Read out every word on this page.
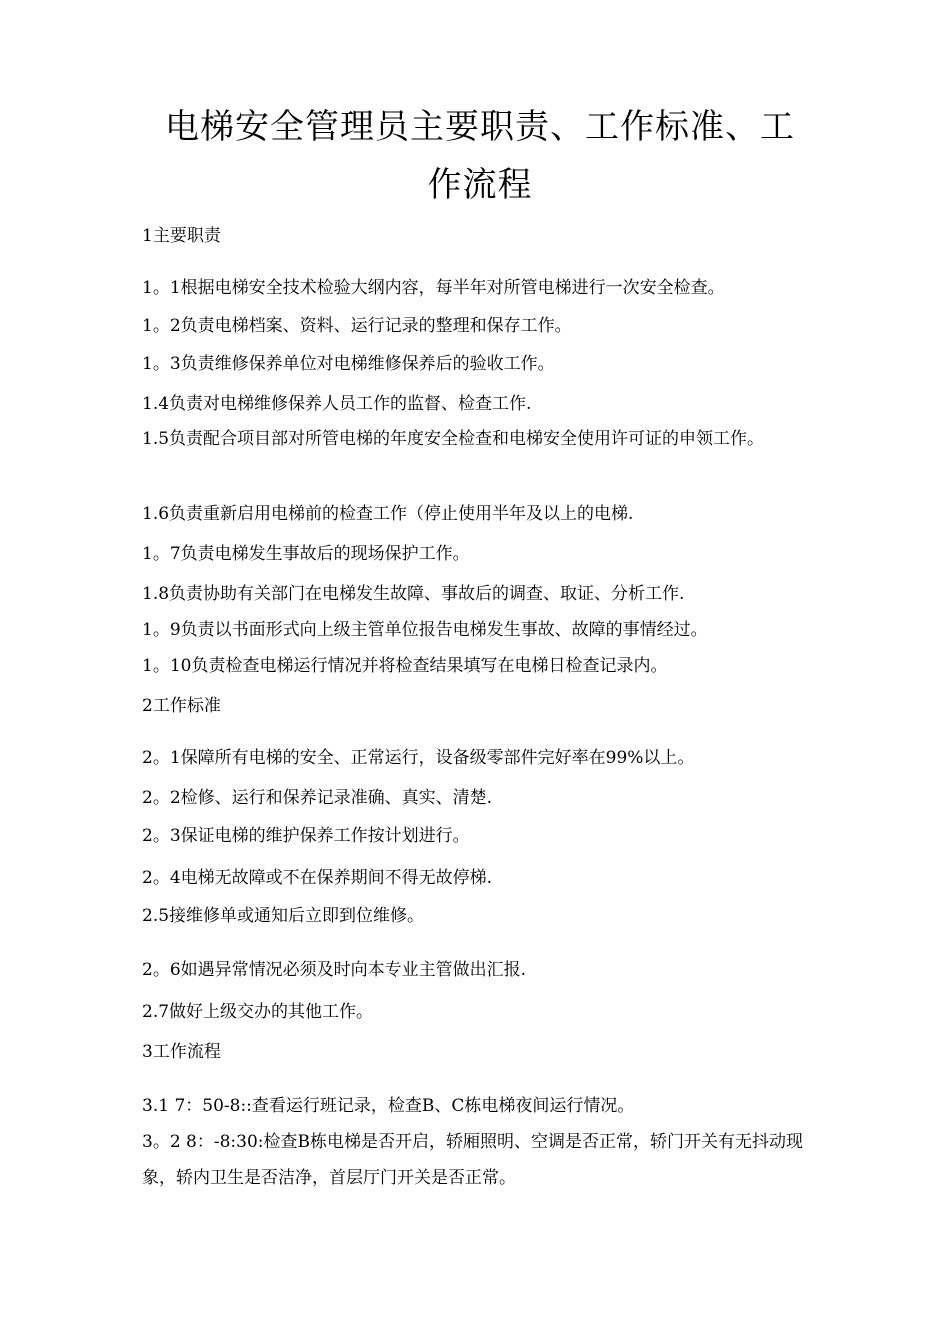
电梯安全管理员主要职责、工作标准、工作流程

1主要职责

1。1根据电梯安全技术检验大纲内容，每半年对所管电梯进行一次安全检查。

1。2负责电梯档案、资料、运行记录的整理和保存工作。

1。3负责维修保养单位对电梯维修保养后的验收工作。

1.4负责对电梯维修保养人员工作的监督、检查工作.

1.5负责配合项目部对所管电梯的年度安全检查和电梯安全使用许可证的申领工作。

1.6负责重新启用电梯前的检查工作（停止使用半年及以上的电梯.

1。7负责电梯发生事故后的现场保护工作。

1.8负责协助有关部门在电梯发生故障、事故后的调查、取证、分析工作.

1。9负责以书面形式向上级主管单位报告电梯发生事故、故障的事情经过。

1。10负责检查电梯运行情况并将检查结果填写在电梯日检查记录内。

2工作标准

2。1保障所有电梯的安全、正常运行，设备级零部件完好率在99%以上。

2。2检修、运行和保养记录准确、真实、清楚.

2。3保证电梯的维护保养工作按计划进行。

2。4电梯无故障或不在保养期间不得无故停梯.

2.5接维修单或通知后立即到位维修。

2。6如遇异常情况必须及时向本专业主管做出汇报.

2.7做好上级交办的其他工作。

3工作流程

3.1 7：50-8::查看运行班记录，检查B、C栋电梯夜间运行情况。

3。2 8：-8:30:检查B栋电梯是否开启，轿厢照明、空调是否正常，轿门开关有无抖动现象，轿内卫生是否洁净，首层厅门开关是否正常。
